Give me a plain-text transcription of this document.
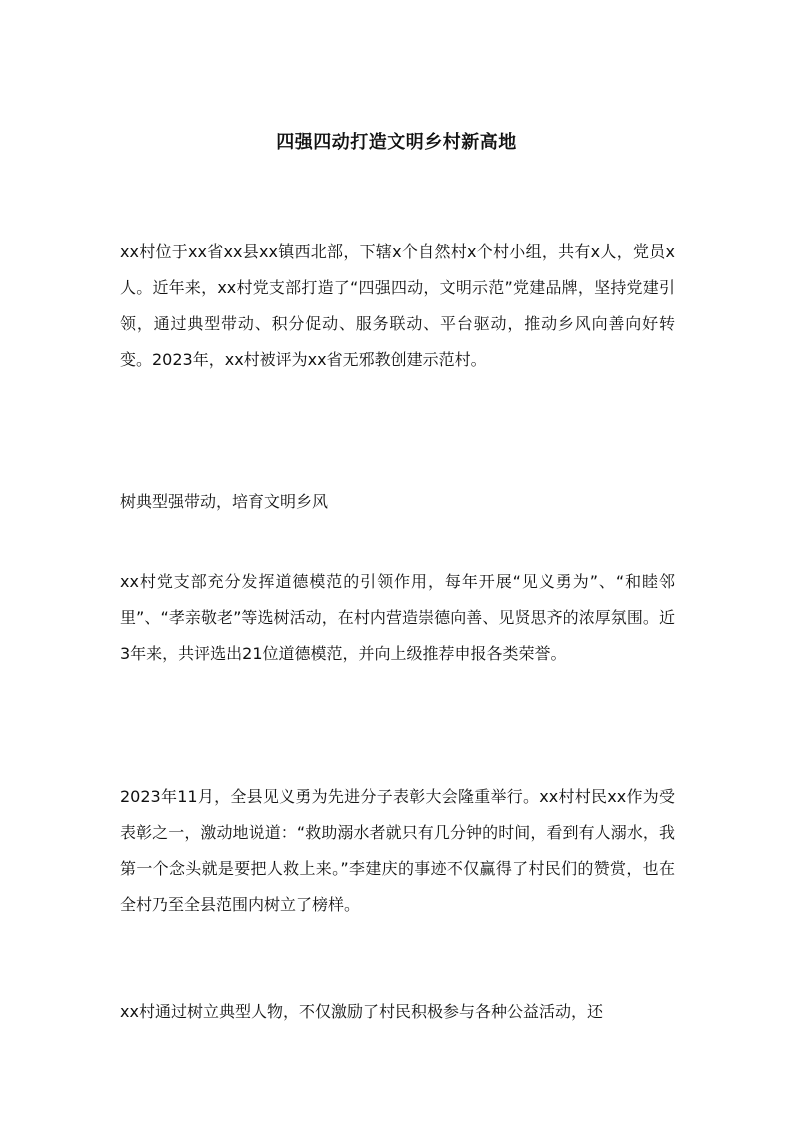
四强四动打造文明乡村新高地

xx村位于xx省xx县xx镇西北部，下辖x个自然村x个村小组，共有x人，党员x人。近年来，xx村党支部打造了“四强四动，文明示范”党建品牌，坚持党建引领，通过典型带动、积分促动、服务联动、平台驱动，推动乡风向善向好转变。2023年，xx村被评为xx省无邪教创建示范村。

树典型强带动，培育文明乡风

xx村党支部充分发挥道德模范的引领作用，每年开展“见义勇为”、“和睦邻里”、“孝亲敬老”等选树活动，在村内营造崇德向善、见贤思齐的浓厚氛围。近3年来，共评选出21位道德模范，并向上级推荐申报各类荣誉。

2023年11月，全县见义勇为先进分子表彰大会隆重举行。xx村村民xx作为受表彰之一，激动地说道：“救助溺水者就只有几分钟的时间，看到有人溺水，我第一个念头就是要把人救上来。”李建庆的事迹不仅赢得了村民们的赞赏，也在全村乃至全县范围内树立了榜样。

xx村通过树立典型人物，不仅激励了村民积极参与各种公益活动，还
